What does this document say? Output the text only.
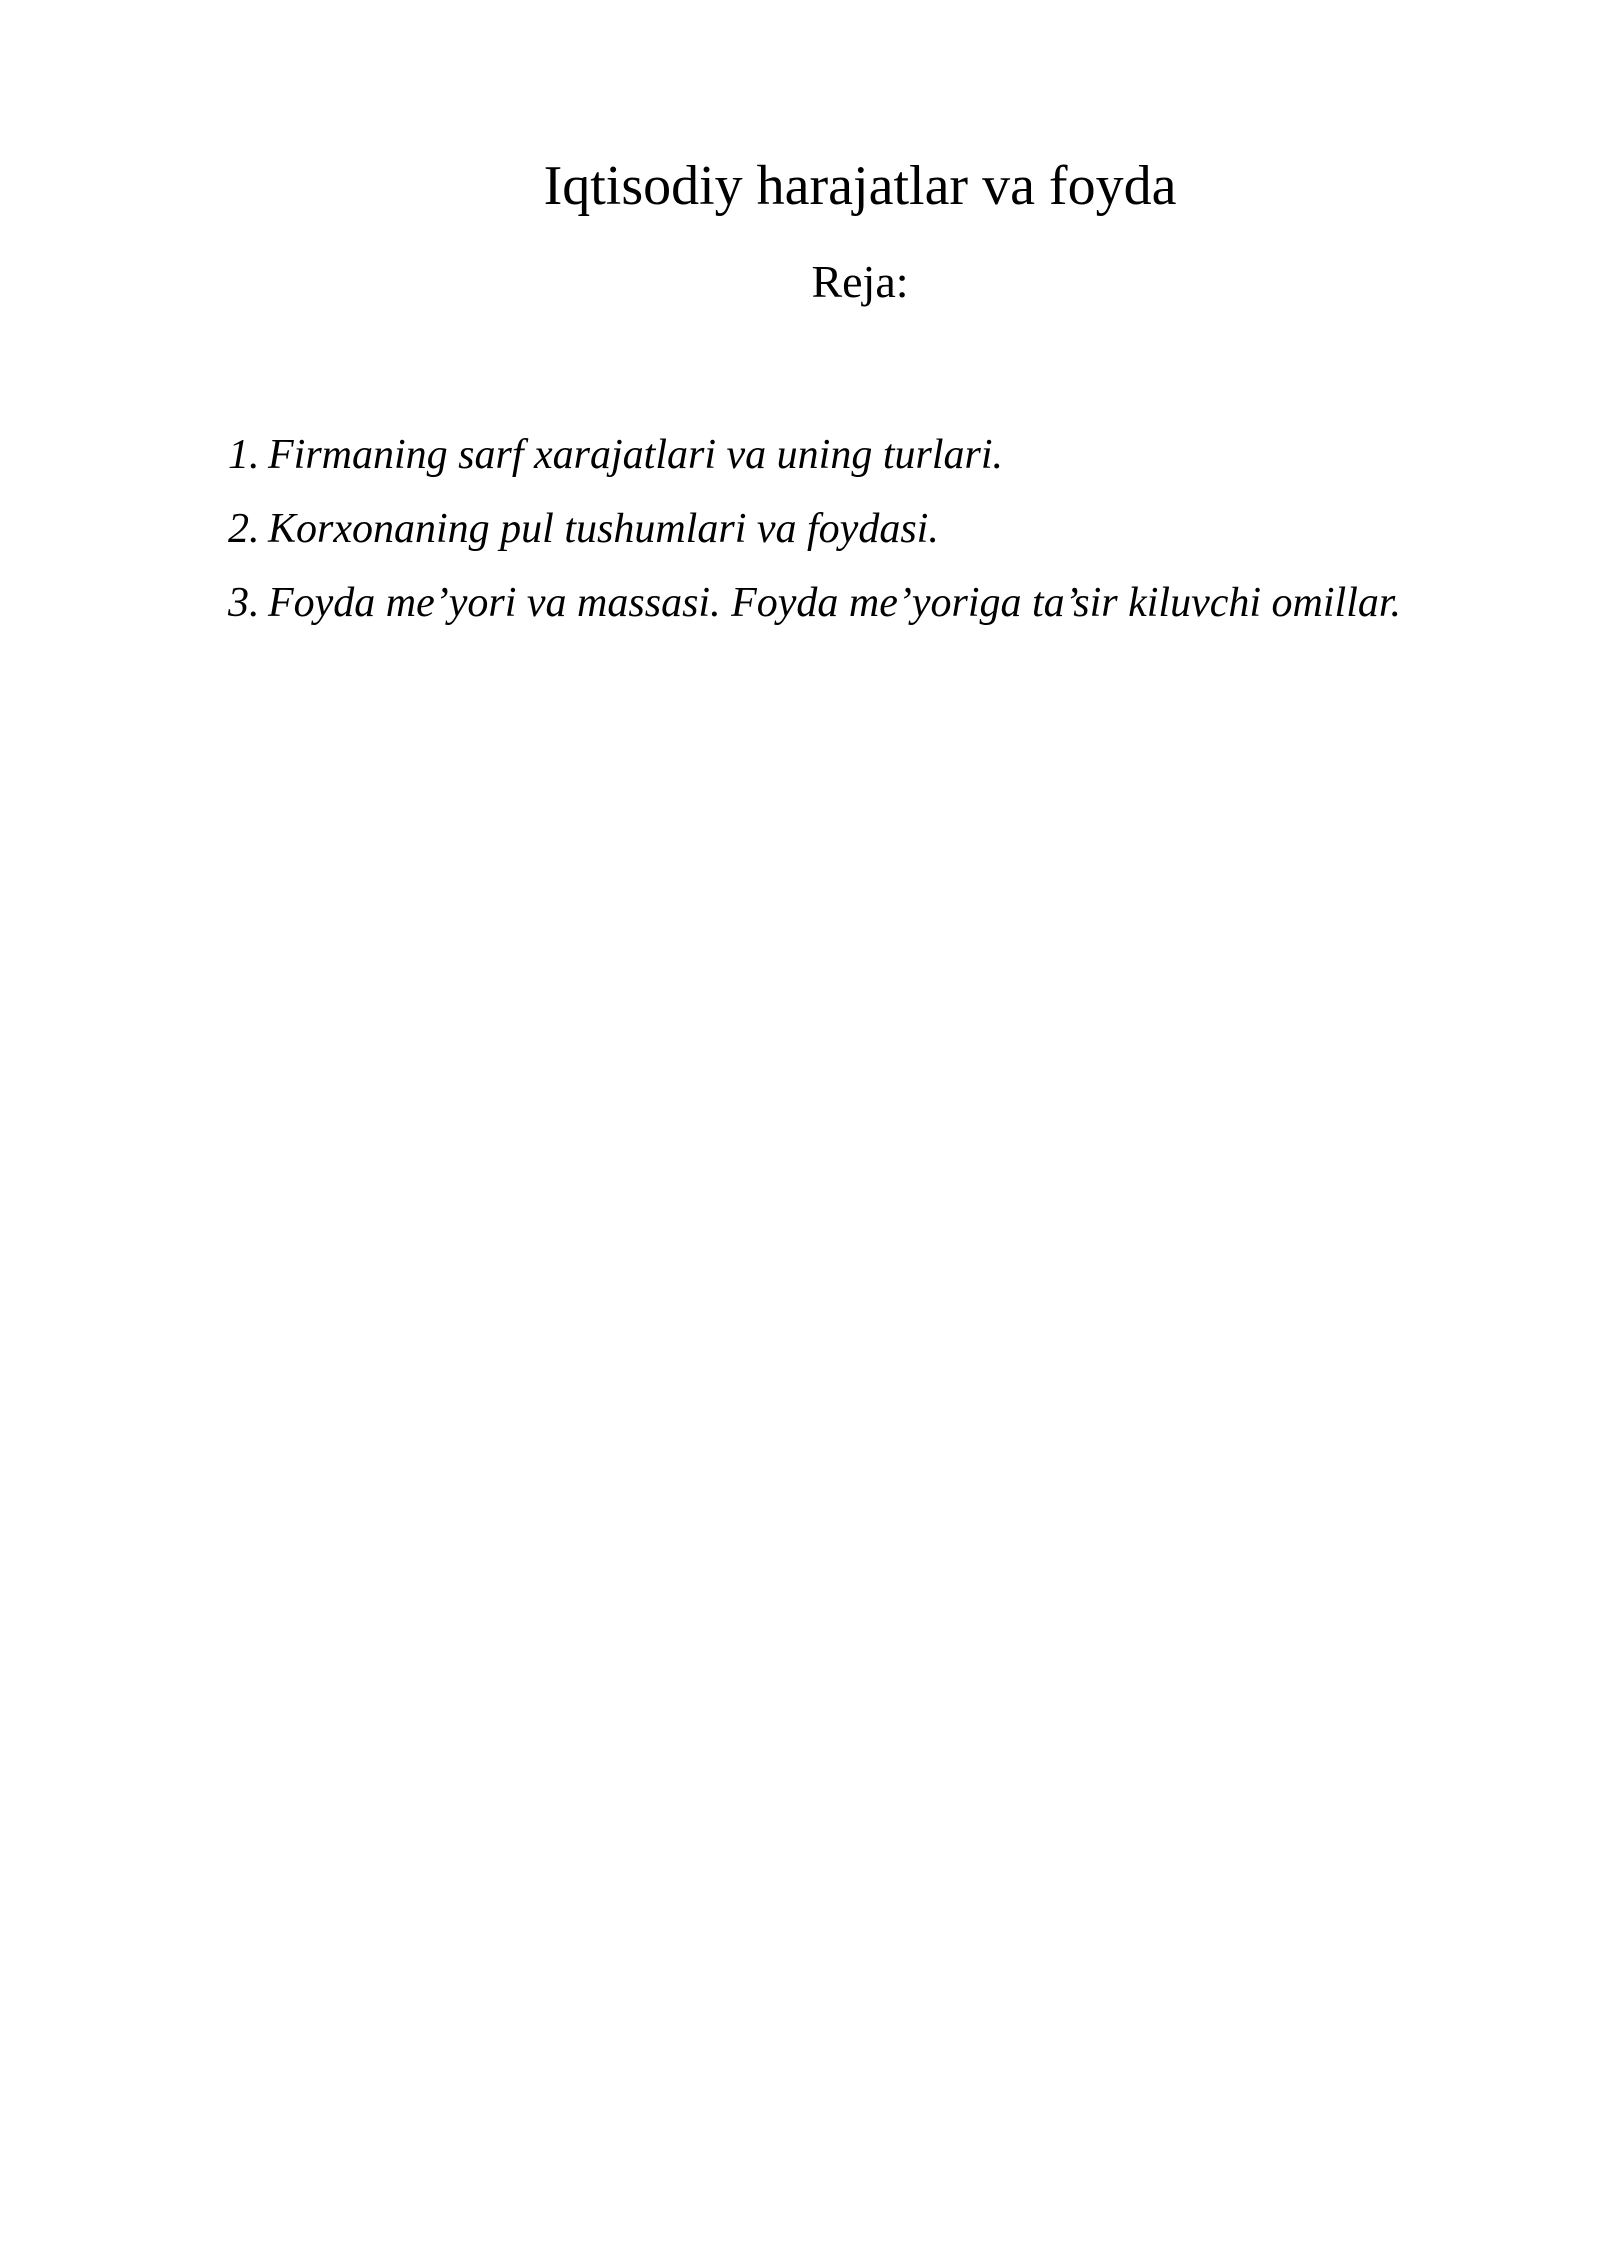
Iqtisodiy harajatlar va foyda
Reja:
1. Firmaning sarf xarajatlari va uning turlari.
2. Korxonaning pul tushumlari va foydasi.
3. Foyda me’yori va massasi. Foyda me’yoriga ta’sir kiluvchi omillar.
